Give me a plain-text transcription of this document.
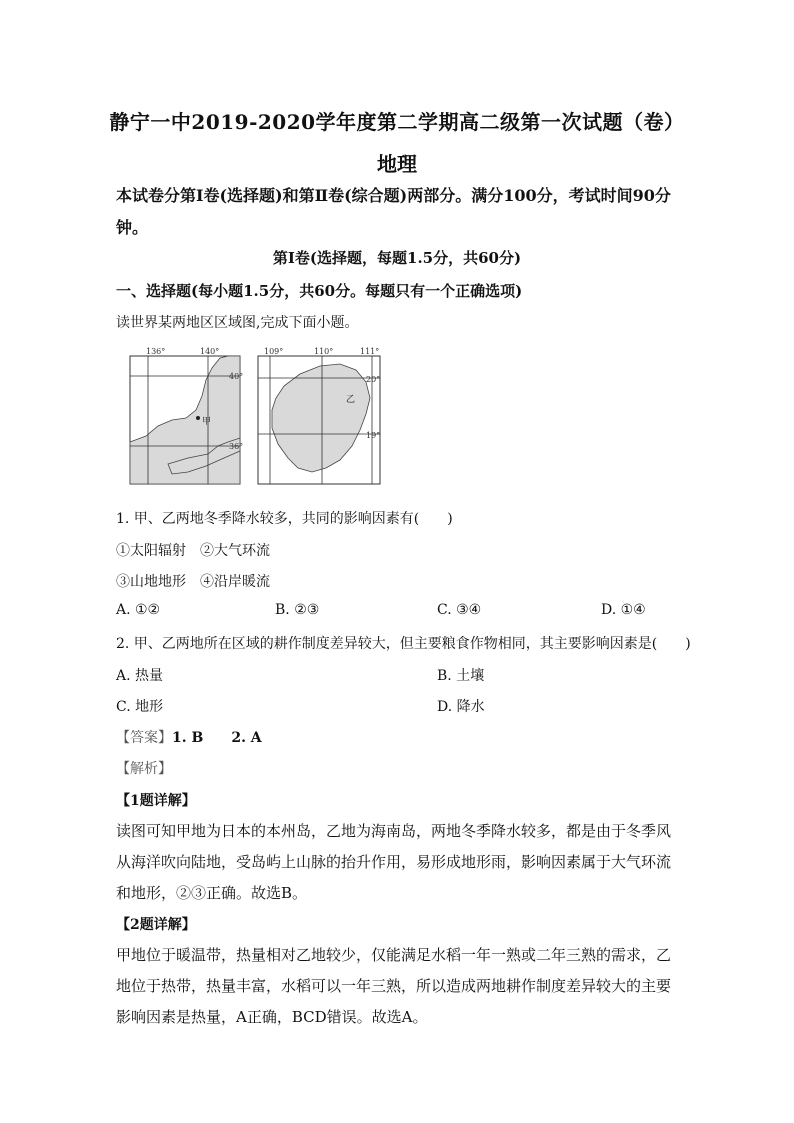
静宁一中2019-2020学年度第二学期高二级第一次试题（卷）
地理
本试卷分第Ⅰ卷(选择题)和第Ⅱ卷(综合题)两部分。满分100分，考试时间90分钟。
第Ⅰ卷(选择题，每题1.5分，共60分)
一、选择题(每小题1.5分，共60分。每题只有一个正确选项)
读世界某两地区区域图,完成下面小题。
136°	140°
40°
36°
甲
109°	110°	111°
20°
19°
乙
1. 甲、乙两地冬季降水较多，共同的影响因素有(　　)
①太阳辐射　②大气环流
③山地地形　④沿岸暖流
A. ①②	B. ②③	C. ③④	D. ①④
2. 甲、乙两地所在区域的耕作制度差异较大，但主要粮食作物相同，其主要影响因素是(　　)
A. 热量	B. 土壤
C. 地形	D. 降水
【答案】1. B　　2. A
【解析】
【1题详解】
读图可知甲地为日本的本州岛，乙地为海南岛，两地冬季降水较多，都是由于冬季风从海洋吹向陆地，受岛屿上山脉的抬升作用，易形成地形雨，影响因素属于大气环流和地形，②③正确。故选B。
【2题详解】
甲地位于暖温带，热量相对乙地较少，仅能满足水稻一年一熟或二年三熟的需求，乙地位于热带，热量丰富，水稻可以一年三熟，所以造成两地耕作制度差异较大的主要影响因素是热量，A正确，BCD错误。故选A。
